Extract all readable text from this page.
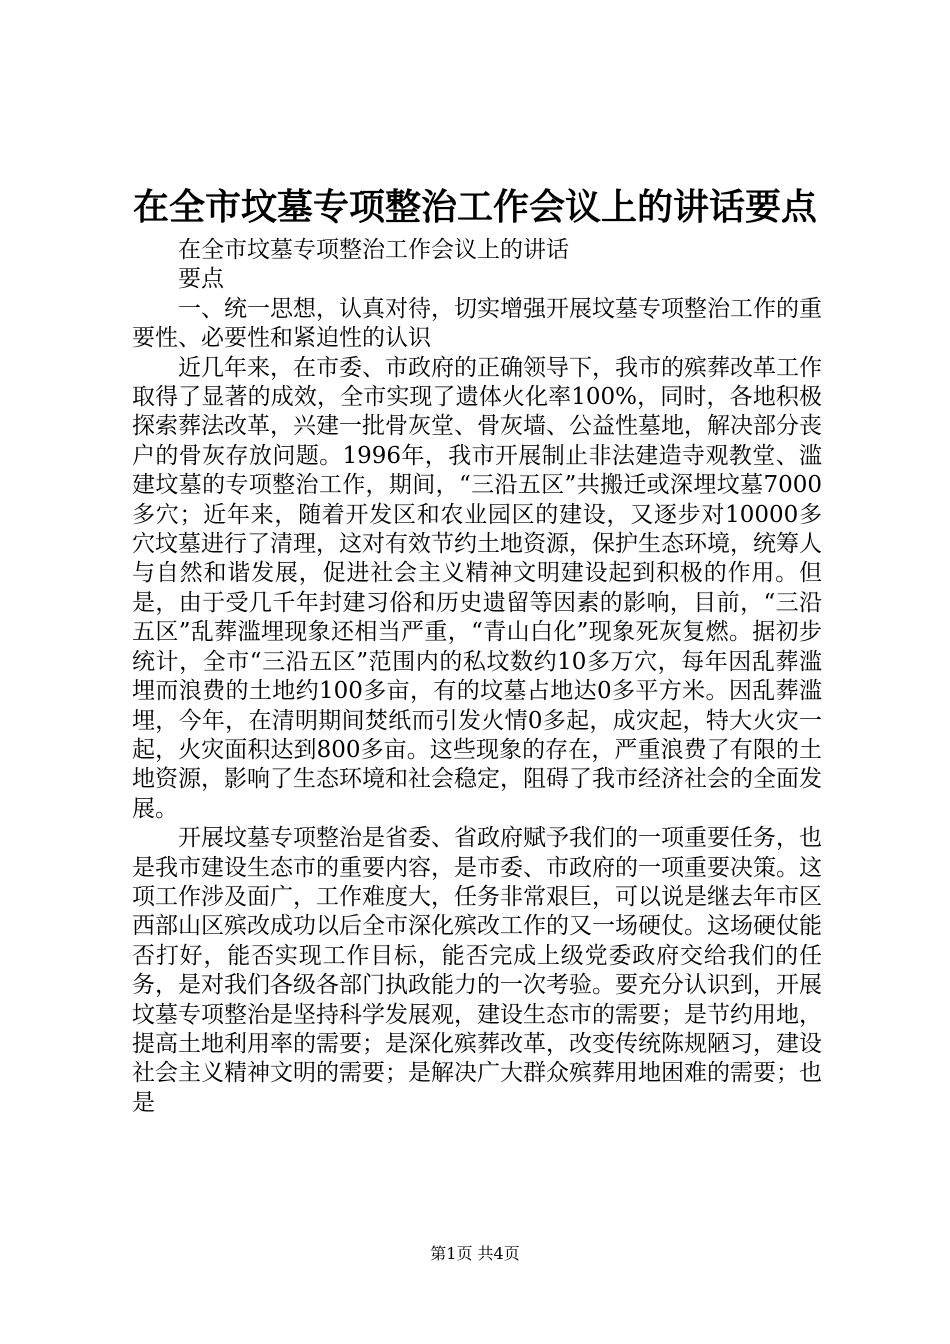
在全市坟墓专项整治工作会议上的讲话要点

在全市坟墓专项整治工作会议上的讲话

要点

一、统一思想，认真对待，切实增强开展坟墓专项整治工作的重要性、必要性和紧迫性的认识

近几年来，在市委、市政府的正确领导下，我市的殡葬改革工作取得了显著的成效，全市实现了遗体火化率100%，同时，各地积极探索葬法改革，兴建一批骨灰堂、骨灰墙、公益性墓地，解决部分丧户的骨灰存放问题。1996年，我市开展制止非法建造寺观教堂、滥建坟墓的专项整治工作，期间，“三沿五区”共搬迁或深埋坟墓7000多穴；近年来，随着开发区和农业园区的建设，又逐步对10000多穴坟墓进行了清理，这对有效节约土地资源，保护生态环境，统筹人与自然和谐发展，促进社会主义精神文明建设起到积极的作用。但是，由于受几千年封建习俗和历史遗留等因素的影响，目前，“三沿五区”乱葬滥埋现象还相当严重，“青山白化”现象死灰复燃。据初步统计，全市“三沿五区”范围内的私坟数约10多万穴，每年因乱葬滥埋而浪费的土地约100多亩，有的坟墓占地达0多平方米。因乱葬滥埋，今年，在清明期间焚纸而引发火情0多起，成灾起，特大火灾一起，火灾面积达到800多亩。这些现象的存在，严重浪费了有限的土地资源，影响了生态环境和社会稳定，阻碍了我市经济社会的全面发展。

开展坟墓专项整治是省委、省政府赋予我们的一项重要任务，也是我市建设生态市的重要内容，是市委、市政府的一项重要决策。这项工作涉及面广，工作难度大，任务非常艰巨，可以说是继去年市区西部山区殡改成功以后全市深化殡改工作的又一场硬仗。这场硬仗能否打好，能否实现工作目标，能否完成上级党委政府交给我们的任务，是对我们各级各部门执政能力的一次考验。要充分认识到，开展坟墓专项整治是坚持科学发展观，建设生态市的需要；是节约用地，提高土地利用率的需要；是深化殡葬改革，改变传统陈规陋习，建设社会主义精神文明的需要；是解决广大群众殡葬用地困难的需要；也是

第1页 共4页
